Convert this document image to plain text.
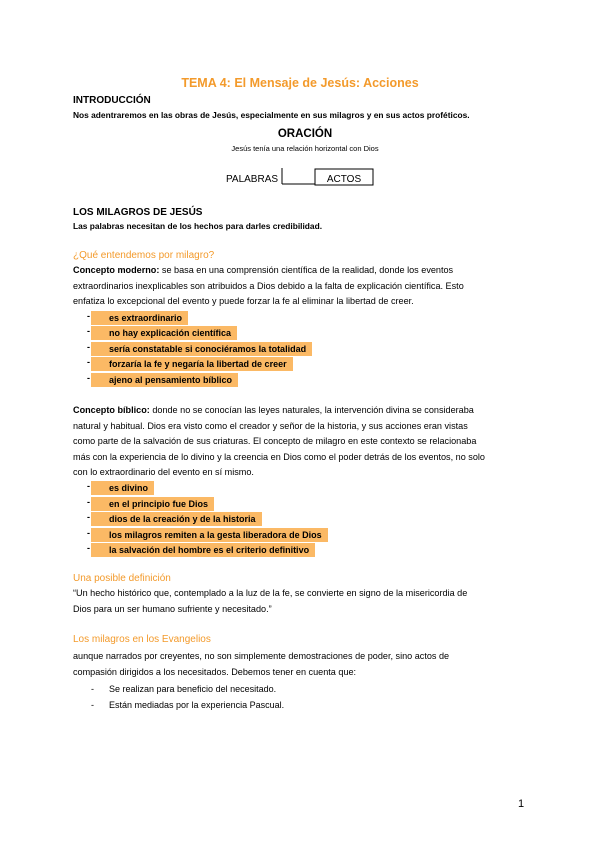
TEMA 4: El Mensaje de Jesús: Acciones
INTRODUCCIÓN
Nos adentraremos en las obras de Jesús, especialmente en sus milagros y en sus actos proféticos.
ORACIÓN
Jesús tenía una relación horizontal con Dios
PALABRAS	ACTOS
LOS MILAGROS DE JESÚS
Las palabras necesitan de los hechos para darles credibilidad.
¿Qué entendemos por milagro?
Concepto moderno: se basa en una comprensión científica de la realidad, donde los eventos
extraordinarios inexplicables son atribuidos a Dios debido a la falta de explicación científica. Esto
enfatiza lo excepcional del evento y puede forzar la fe al eliminar la libertad de creer.
-	es extraordinario
-	no hay explicación científica
-	sería constatable si conociéramos la totalidad
-	forzaría la fe y negaría la libertad de creer
-	ajeno al pensamiento bíblico
Concepto bíblico: donde no se conocían las leyes naturales, la intervención divina se consideraba
natural y habitual. Dios era visto como el creador y señor de la historia, y sus acciones eran vistas
como parte de la salvación de sus criaturas. El concepto de milagro en este contexto se relacionaba
más con la experiencia de lo divino y la creencia en Dios como el poder detrás de los eventos, no solo
con lo extraordinario del evento en sí mismo.
-	es divino
-	en el principio fue Dios
-	dios de la creación y de la historia
-	los milagros remiten a la gesta liberadora de Dios
-	la salvación del hombre es el criterio definitivo
Una posible definición
“Un hecho histórico que, contemplado a la luz de la fe, se convierte en signo de la misericordia de
Dios para un ser humano sufriente y necesitado.”
Los milagros en los Evangelios
aunque narrados por creyentes, no son simplemente demostraciones de poder, sino actos de
compasión dirigidos a los necesitados. Debemos tener en cuenta que:
- Se realizan para beneficio del necesitado.
- Están mediadas por la experiencia Pascual.
1
